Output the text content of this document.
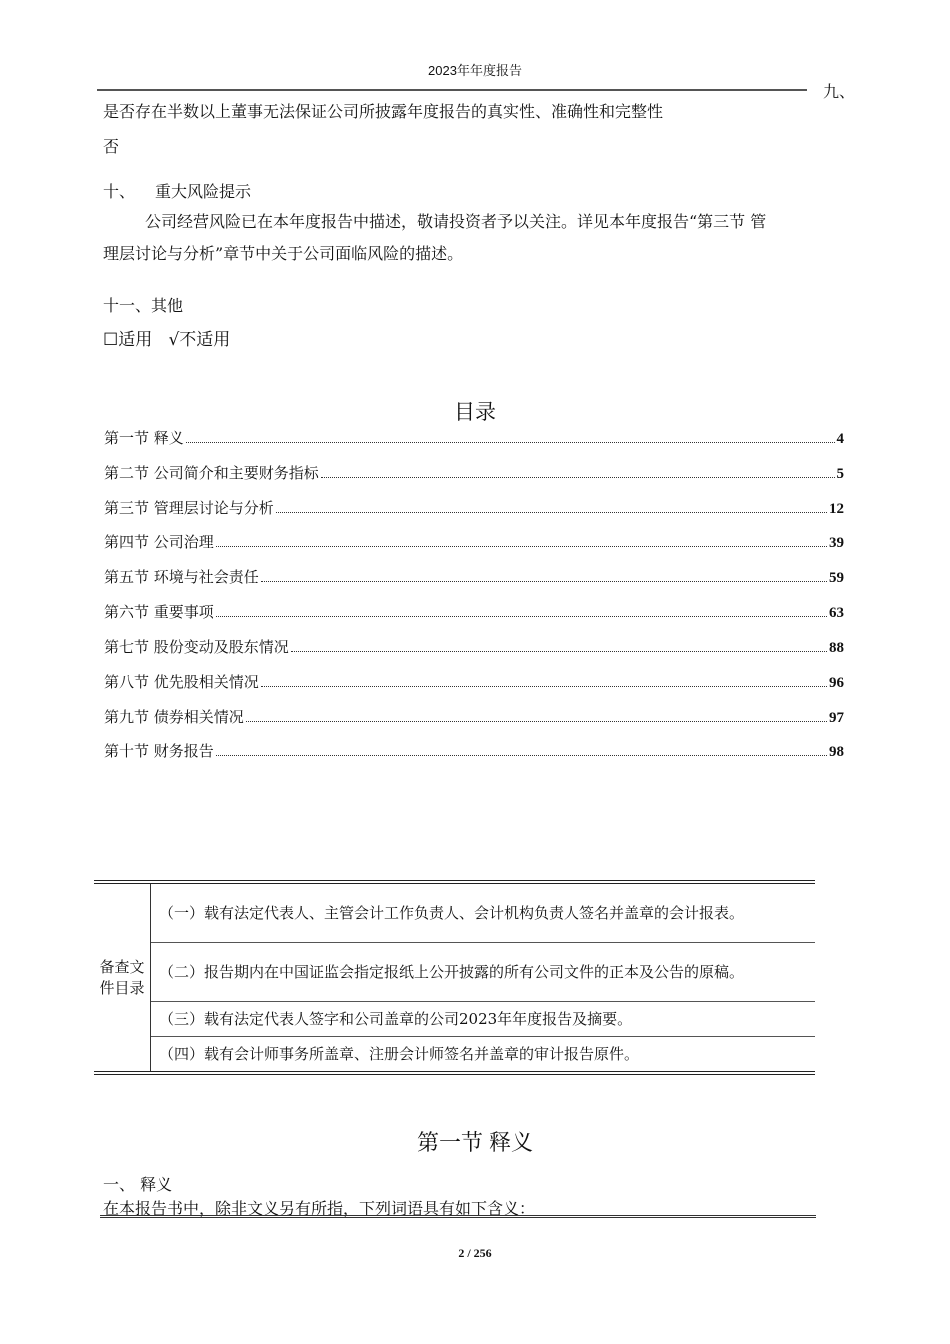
2023年年度报告
九、
是否存在半数以上董事无法保证公司所披露年度报告的真实性、准确性和完整性
否
十、 重大风险提示
公司经营风险已在本年度报告中描述，敬请投资者予以关注。详见本年度报告“第三节 管
理层讨论与分析”章节中关于公司面临风险的描述。
十一、其他
☐适用 √不适用
目录
第一节 释义	4
第二节 公司简介和主要财务指标	5
第三节 管理层讨论与分析	12
第四节 公司治理	39
第五节 环境与社会责任	59
第六节 重要事项	63
第七节 股份变动及股东情况	88
第八节 优先股相关情况	96
第九节 债券相关情况	97
第十节 财务报告	98
备查文件目录	（一）载有法定代表人、主管会计工作负责人、会计机构负责人签名并盖章的会计报表。
（二）报告期内在中国证监会指定报纸上公开披露的所有公司文件的正本及公告的原稿。
（三）载有法定代表人签字和公司盖章的公司2023年年度报告及摘要。
（四）载有会计师事务所盖章、注册会计师签名并盖章的审计报告原件。
第一节 释义
一、 释义
在本报告书中，除非文义另有所指，下列词语具有如下含义：
2 / 256
